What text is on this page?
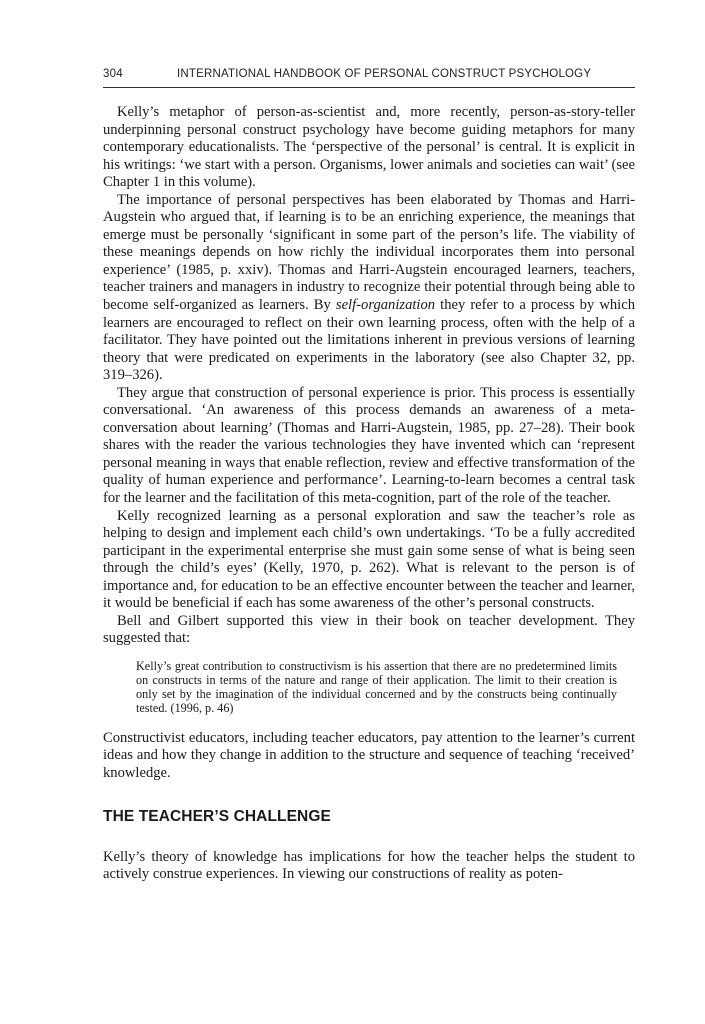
304	INTERNATIONAL HANDBOOK OF PERSONAL CONSTRUCT PSYCHOLOGY

Kelly’s metaphor of person-as-scientist and, more recently, person-as-story-teller underpinning personal construct psychology have become guiding metaphors for many contemporary educationalists. The ‘perspective of the personal’ is central. It is explicit in his writings: ‘we start with a person. Organisms, lower animals and societies can wait’ (see Chapter 1 in this volume).

The importance of personal perspectives has been elaborated by Thomas and Harri-Augstein who argued that, if learning is to be an enriching experience, the meanings that emerge must be personally ‘significant in some part of the person’s life. The viability of these meanings depends on how richly the individual incorporates them into personal experience’ (1985, p. xxiv). Thomas and Harri-Augstein encouraged learners, teachers, teacher trainers and managers in industry to recognize their potential through being able to become self-organized as learners. By self-organization they refer to a process by which learners are encouraged to reflect on their own learning process, often with the help of a facilitator. They have pointed out the limitations inherent in previous versions of learning theory that were predicated on experiments in the laboratory (see also Chapter 32, pp. 319–326).

They argue that construction of personal experience is prior. This process is essentially conversational. ‘An awareness of this process demands an awareness of a meta-conversation about learning’ (Thomas and Harri-Augstein, 1985, pp. 27–28). Their book shares with the reader the various technologies they have invented which can ‘represent personal meaning in ways that enable reflection, review and effective transformation of the quality of human experience and performance’. Learning-to-learn becomes a central task for the learner and the facilitation of this meta-cognition, part of the role of the teacher.

Kelly recognized learning as a personal exploration and saw the teacher’s role as helping to design and implement each child’s own undertakings. ‘To be a fully accredited participant in the experimental enterprise she must gain some sense of what is being seen through the child’s eyes’ (Kelly, 1970, p. 262). What is relevant to the person is of importance and, for education to be an effective encounter between the teacher and learner, it would be beneficial if each has some awareness of the other’s personal constructs.

Bell and Gilbert supported this view in their book on teacher development. They suggested that:

Kelly’s great contribution to constructivism is his assertion that there are no predetermined limits on constructs in terms of the nature and range of their application. The limit to their creation is only set by the imagination of the individual concerned and by the constructs being continually tested. (1996, p. 46)

Constructivist educators, including teacher educators, pay attention to the learner’s current ideas and how they change in addition to the structure and sequence of teaching ‘received’ knowledge.

THE TEACHER’S CHALLENGE

Kelly’s theory of knowledge has implications for how the teacher helps the student to actively construe experiences. In viewing our constructions of reality as poten-
